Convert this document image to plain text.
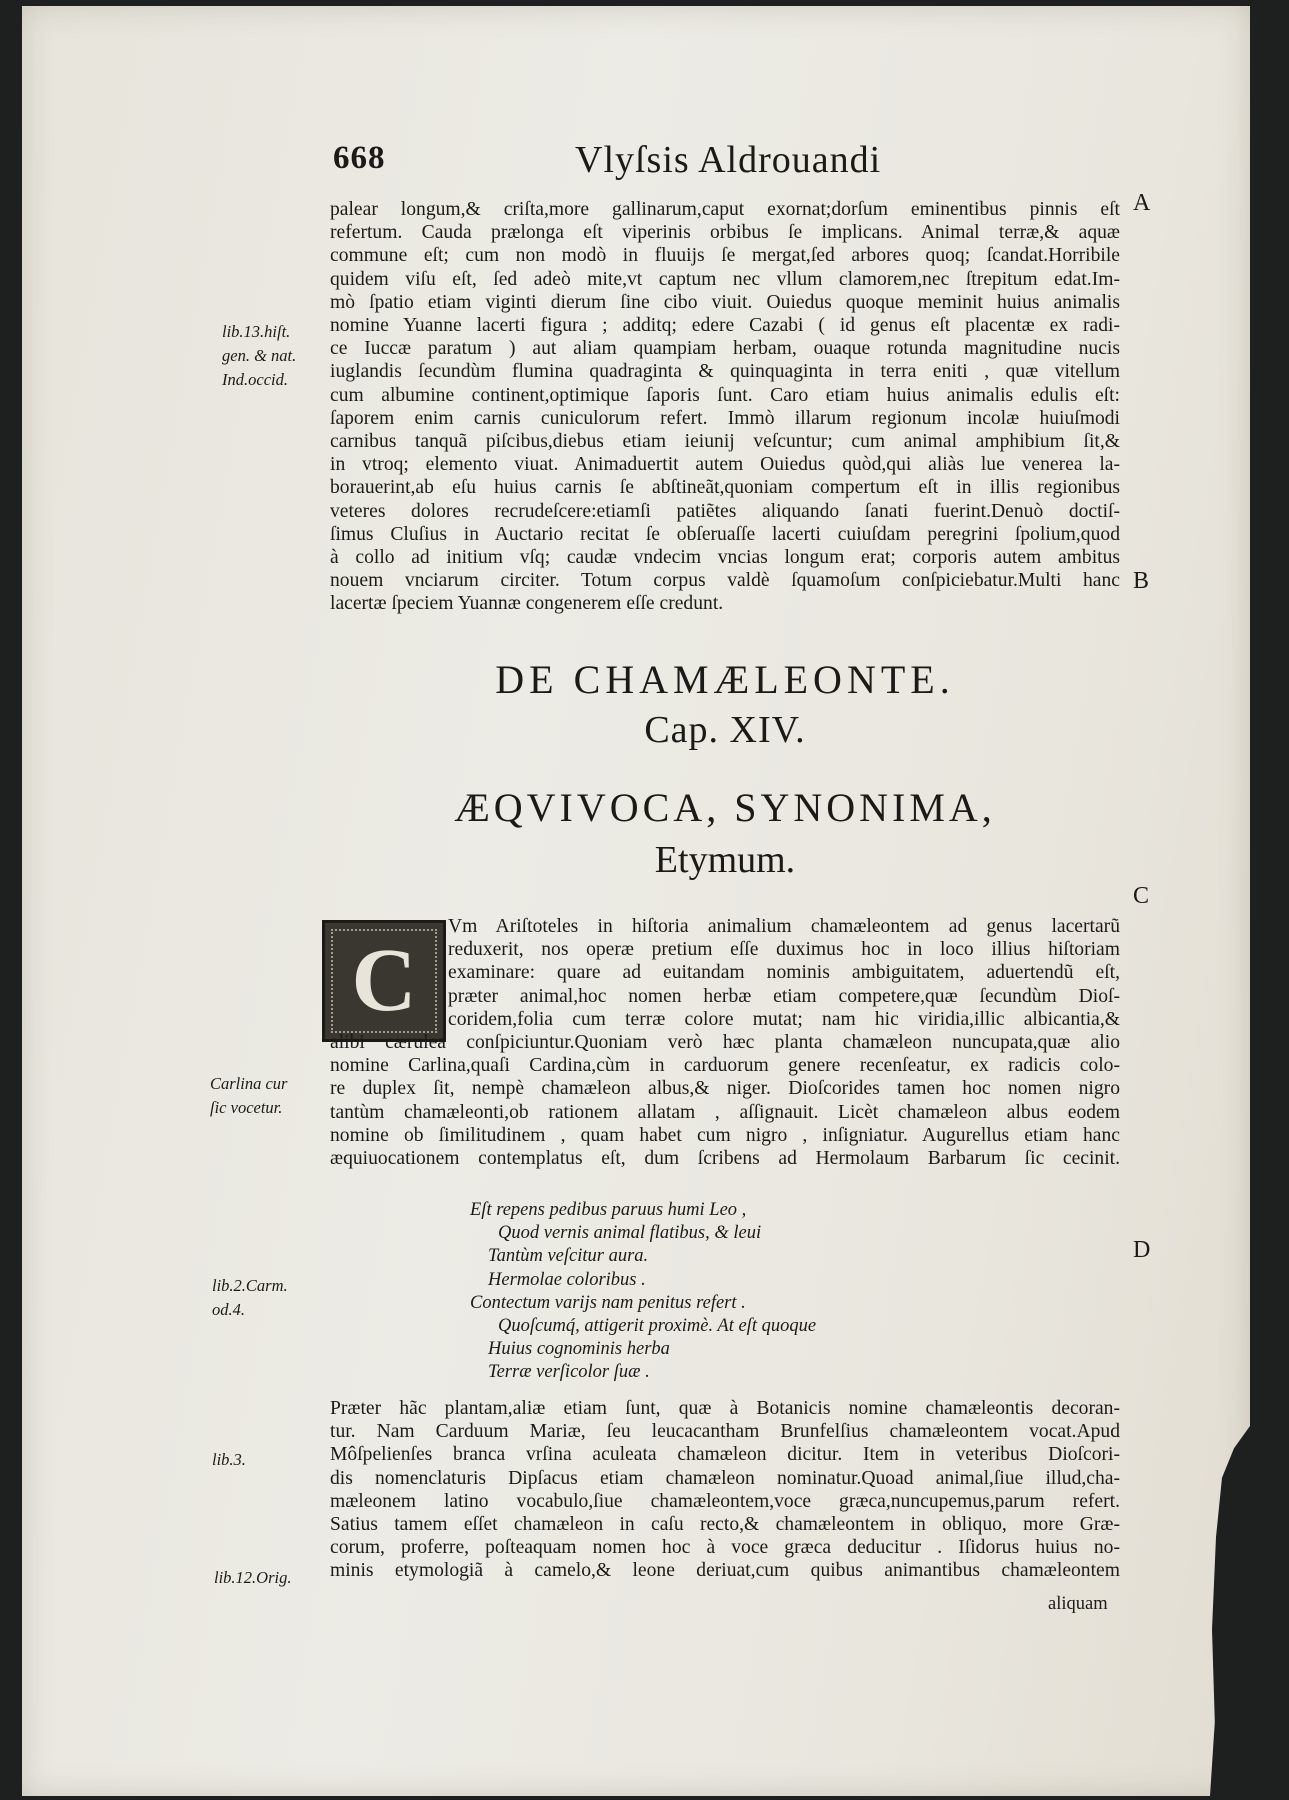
668	Vlyſsis Aldrouandi
A
B
C
D
lib.13.hiſt.
gen. & nat.
Ind.occid.
Carlina cur
ſic vocetur.
lib.2.Carm.
od.4.
lib.3.
lib.12.Orig.

palear longum,& criſta,more gallinarum,caput exornat;dorſum eminentibus pinnis eſt

refertum. Cauda prælonga eſt viperinis orbibus ſe implicans. Animal terræ,& aquæ

commune eſt; cum non modò in fluuijs ſe mergat,ſed arbores quoq; ſcandat.Horribile

quidem viſu eſt, ſed adeò mite,vt captum nec vllum clamorem,nec ſtrepitum edat.Im-

mò ſpatio etiam viginti dierum ſine cibo viuit. Ouiedus quoque meminit huius animalis

nomine Yuanne lacerti figura ; additq; edere Cazabi ( id genus eſt placentæ ex radi-

ce Iuccæ paratum ) aut aliam quampiam herbam, ouaque rotunda magnitudine nucis

iuglandis ſecundùm flumina quadraginta & quinquaginta in terra eniti , quæ vitellum

cum albumine continent,optimique ſaporis ſunt. Caro etiam huius animalis edulis eſt:

ſaporem enim carnis cuniculorum refert. Immò illarum regionum incolæ huiuſmodi

carnibus tanquã piſcibus,diebus etiam ieiunij veſcuntur; cum animal amphibium ſit,&

in vtroq; elemento viuat. Animaduertit autem Ouiedus quòd,qui aliàs lue venerea la-

borauerint,ab eſu huius carnis ſe abſtineãt,quoniam compertum eſt in illis regionibus

veteres dolores recrudeſcere:etiamſi patiẽtes aliquando ſanati fuerint.Denuò doctiſ-

ſimus Cluſius in Auctario recitat ſe obſeruaſſe lacerti cuiuſdam peregrini ſpolium,quod

à collo ad initium vſq; caudæ vndecim vncias longum erat; corporis autem ambitus

nouem vnciarum circiter. Totum corpus valdè ſquamoſum conſpiciebatur.Multi hanc

lacertæ ſpeciem Yuannæ congenerem eſſe credunt.

DE CHAMÆLEONTE.
Cap. XIV.
ÆQVIVOCA, SYNONIMA,
Etymum.
C

Vm Ariſtoteles in hiſtoria animalium chamæleontem ad genus lacertarũ

reduxerit, nos operæ pretium eſſe duximus hoc in loco illius hiſtoriam

examinare: quare ad euitandam nominis ambiguitatem, aduertendũ eſt,

præter animal,hoc nomen herbæ etiam competere,quæ ſecundùm Dioſ-

coridem,folia cum terræ colore mutat; nam hic viridia,illic albicantia,&

alibi cærulea conſpiciuntur.Quoniam verò hæc planta chamæleon nuncupata,quæ alio

nomine Carlina,quaſi Cardina,cùm in carduorum genere recenſeatur, ex radicis colo-

re duplex ſit, nempè chamæleon albus,& niger. Dioſcorides tamen hoc nomen nigro

tantùm chamæleonti,ob rationem allatam , aſſignauit. Licèt chamæleon albus eodem

nomine ob ſimilitudinem , quam habet cum nigro , inſigniatur. Augurellus etiam hanc

æquiuocationem contemplatus eſt, dum ſcribens ad Hermolaum Barbarum ſic cecinit.

Eſt repens pedibus paruus humi Leo ,

Quod vernis animal flatibus, & leui

Tantùm veſcitur aura.

Hermolae coloribus .

Contectum varijs nam penitus refert .

Quoſcumq́, attigerit proximè. At eſt quoque

Huius cognominis herba

Terræ verſicolor ſuæ .

Præter hãc plantam,aliæ etiam ſunt, quæ à Botanicis nomine chamæleontis decoran-

tur. Nam Carduum Mariæ, ſeu leucacantham Brunfelſius chamæleontem vocat.Apud

Môſpelienſes branca vrſina aculeata chamæleon dicitur. Item in veteribus Dioſcori-

dis nomenclaturis Dipſacus etiam chamæleon nominatur.Quoad animal,ſiue illud,cha-

mæleonem latino vocabulo,ſiue chamæleontem,voce græca,nuncupemus,parum refert.

Satius tamem eſſet chamæleon in caſu recto,& chamæleontem in obliquo, more Græ-

corum, proferre, poſteaquam nomen hoc à voce græca deducitur . Iſidorus huius no-

minis etymologiã à camelo,& leone deriuat,cum quibus animantibus chamæleontem

aliquam
